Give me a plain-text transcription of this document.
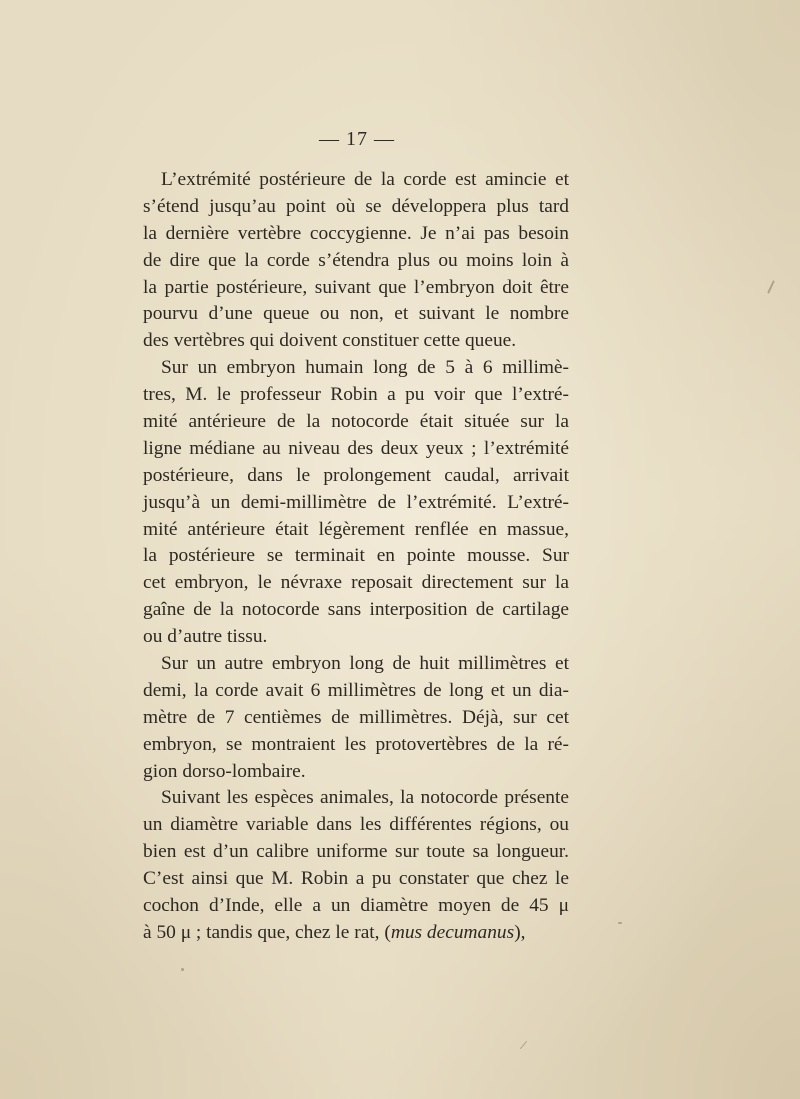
— 17 —
L’extrémité postérieure de la corde est amincie et
s’étend jusqu’au point où se développera plus tard
la dernière vertèbre coccygienne. Je n’ai pas besoin
de dire que la corde s’étendra plus ou moins loin à
la partie postérieure, suivant que l’embryon doit être
pourvu d’une queue ou non, et suivant le nombre
des vertèbres qui doivent constituer cette queue.
Sur un embryon humain long de 5 à 6 millimè-
tres, M. le professeur Robin a pu voir que l’extré-
mité antérieure de la notocorde était située sur la
ligne médiane au niveau des deux yeux ; l’extrémité
postérieure, dans le prolongement caudal, arrivait
jusqu’à un demi-millimètre de l’extrémité. L’extré-
mité antérieure était légèrement renflée en massue,
la postérieure se terminait en pointe mousse. Sur
cet embryon, le névraxe reposait directement sur la
gaîne de la notocorde sans interposition de cartilage
ou d’autre tissu.
Sur un autre embryon long de huit millimètres et
demi, la corde avait 6 millimètres de long et un dia-
mètre de 7 centièmes de millimètres. Déjà, sur cet
embryon, se montraient les protovertèbres de la ré-
gion dorso-lombaire.
Suivant les espèces animales, la notocorde présente
un diamètre variable dans les différentes régions, ou
bien est d’un calibre uniforme sur toute sa longueur.
C’est ainsi que M. Robin a pu constater que chez le
cochon d’Inde, elle a un diamètre moyen de 45 μ
à 50 μ ; tandis que, chez le rat, (mus decumanus),
